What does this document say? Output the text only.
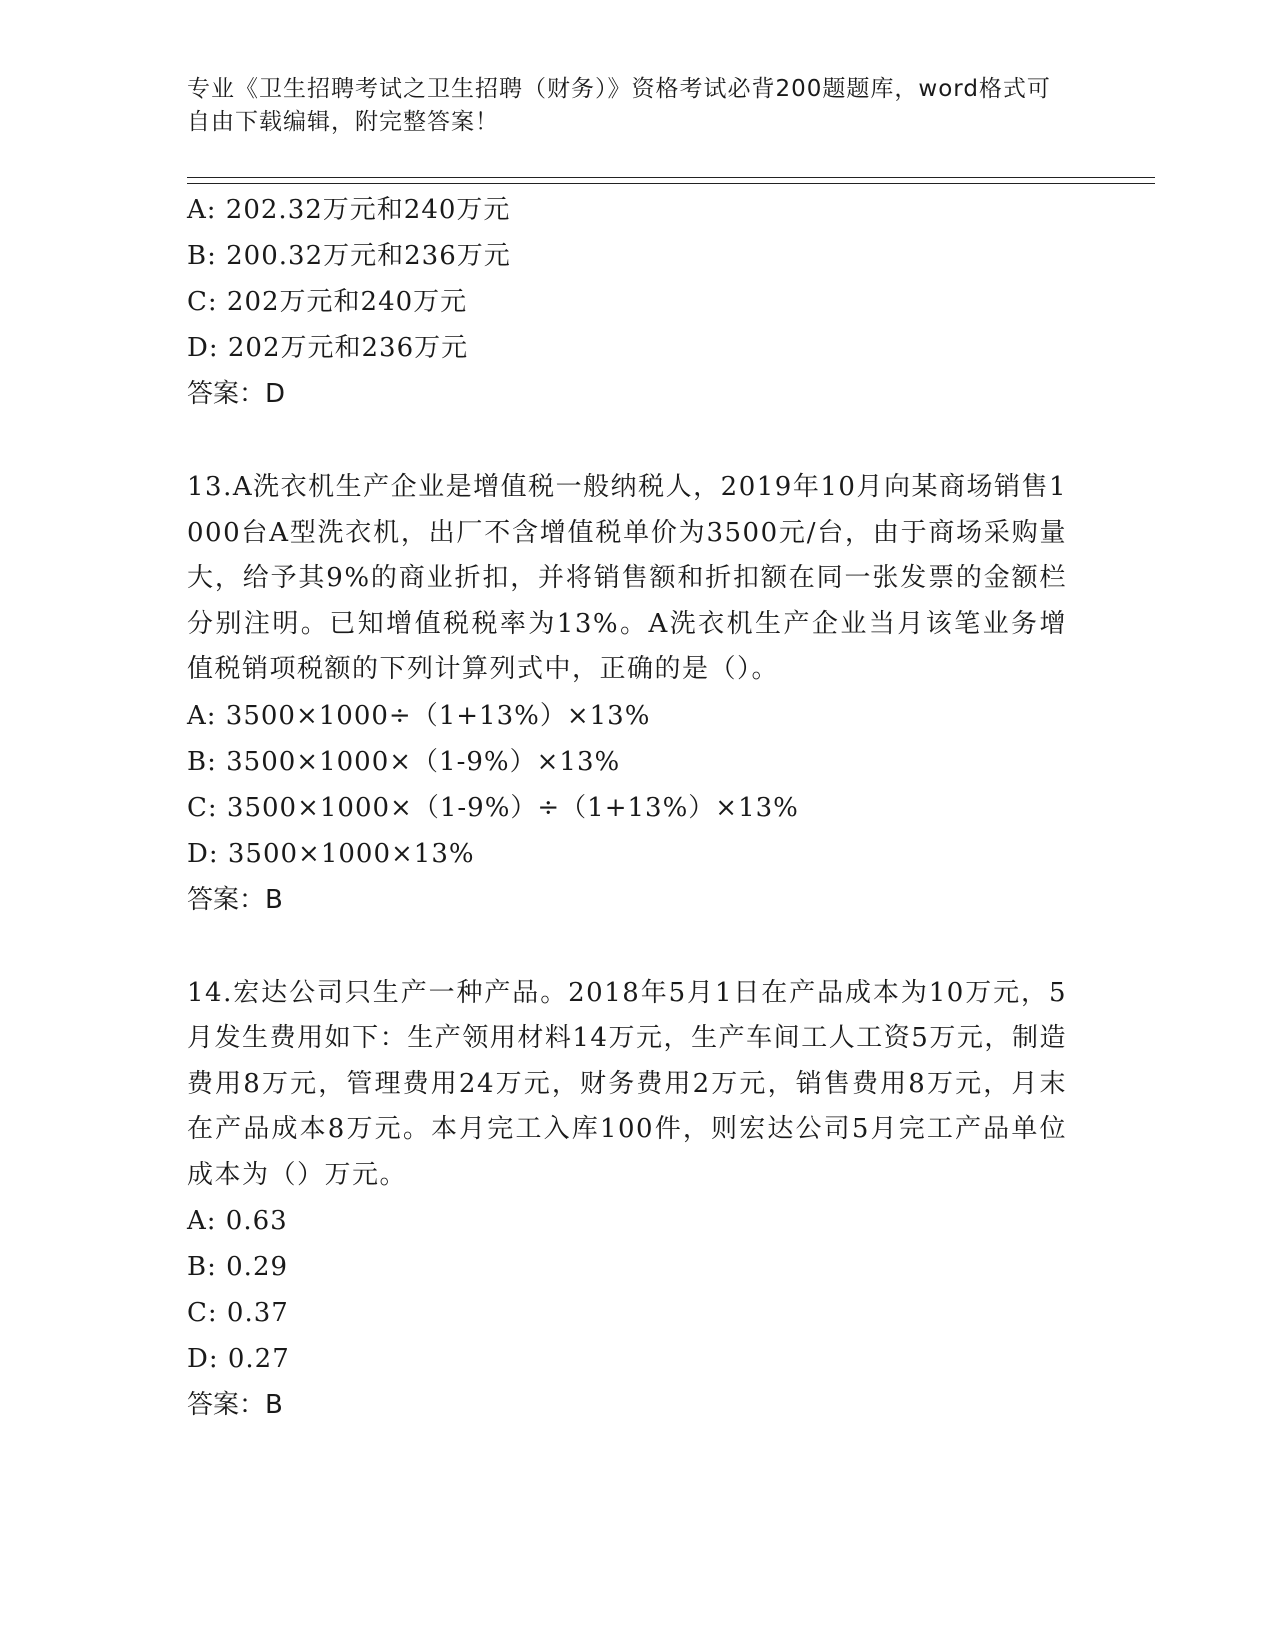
专业《卫生招聘考试之卫生招聘（财务）》资格考试必背200题题库，word格式可自由下载编辑，附完整答案！
A: 202.32万元和240万元
B: 200.32万元和236万元
C: 202万元和240万元
D: 202万元和236万元
答案：D
13.A洗衣机生产企业是增值税一般纳税人，2019年10月向某商场销售1000台A型洗衣机，出厂不含增值税单价为3500元/台，由于商场采购量大，给予其9%的商业折扣，并将销售额和折扣额在同一张发票的金额栏分别注明。已知增值税税率为13%。A洗衣机生产企业当月该笔业务增值税销项税额的下列计算列式中，正确的是（）。
A: 3500×1000÷（1+13%）×13%
B: 3500×1000×（1-9%）×13%
C: 3500×1000×（1-9%）÷（1+13%）×13%
D: 3500×1000×13%
答案：B
14.宏达公司只生产一种产品。2018年5月1日在产品成本为10万元，5月发生费用如下：生产领用材料14万元，生产车间工人工资5万元，制造费用8万元，管理费用24万元，财务费用2万元，销售费用8万元，月末在产品成本8万元。本月完工入库100件，则宏达公司5月完工产品单位成本为（）万元。
A: 0.63
B: 0.29
C: 0.37
D: 0.27
答案：B
